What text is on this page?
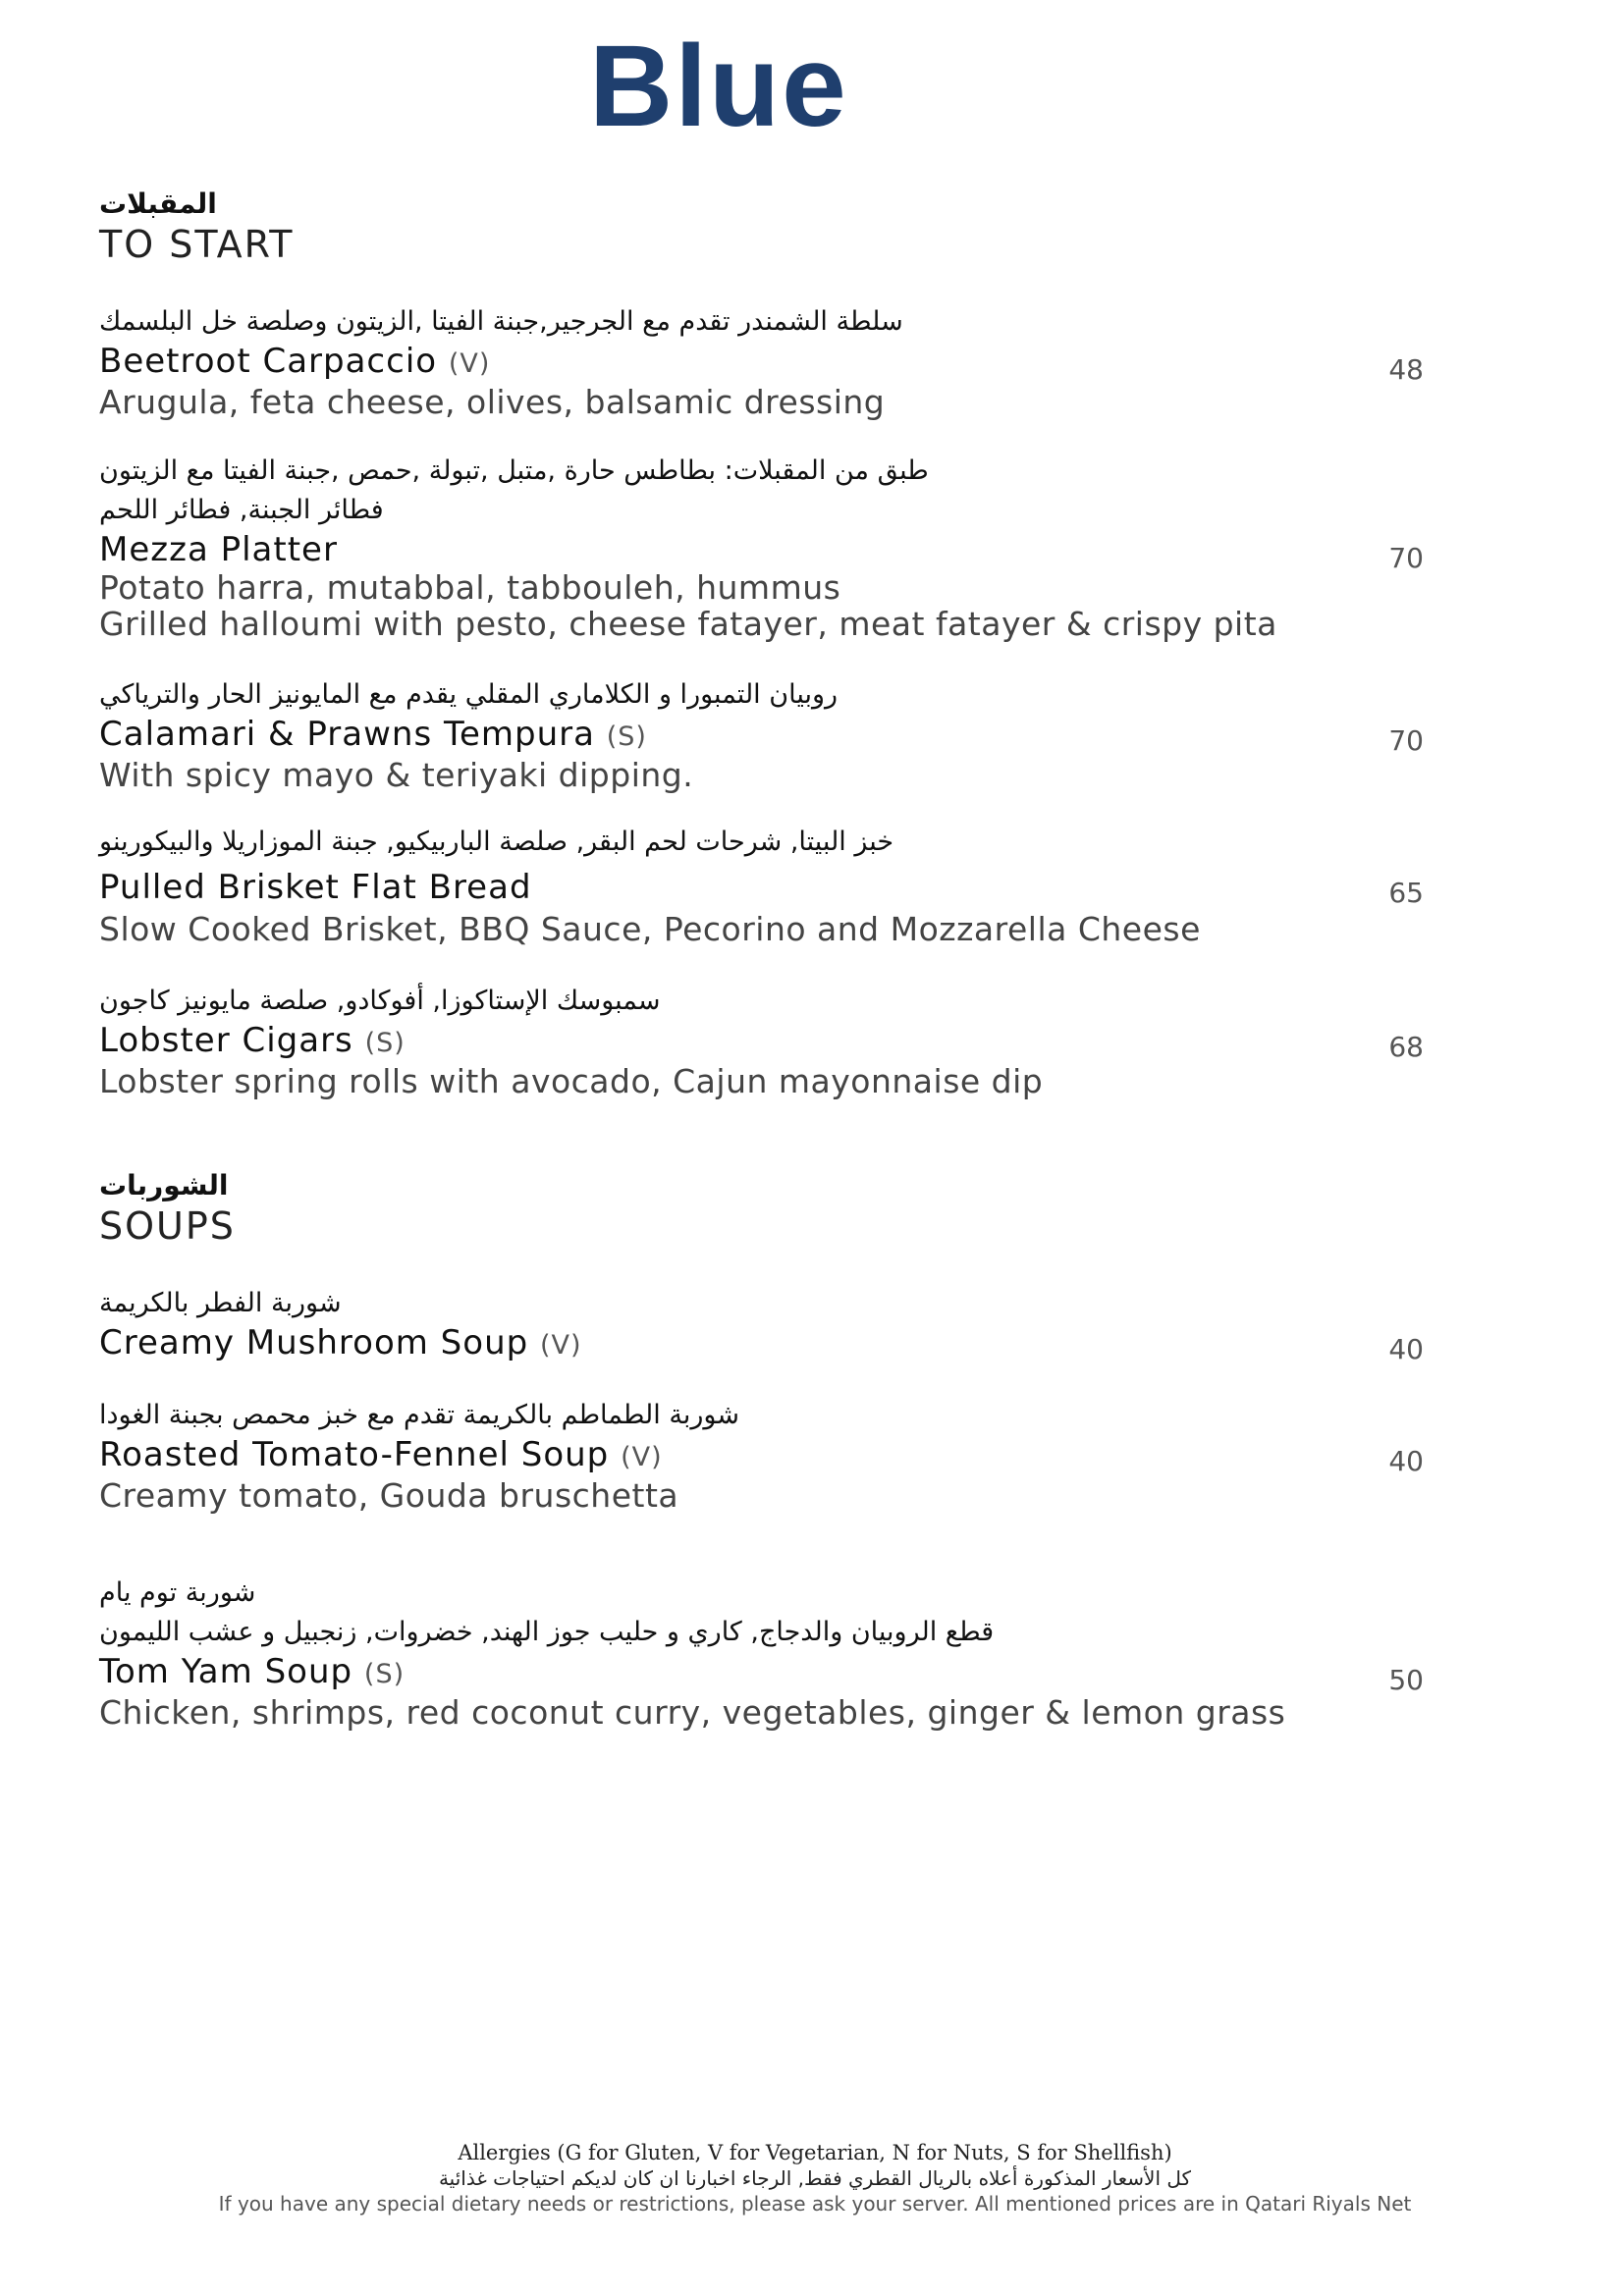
Blue
المقبلات
TO START
سلطة الشمندر تقدم مع الجرجير,جبنة الفيتا ,الزيتون وصلصة خل البلسمك
Beetroot Carpaccio (V)
Arugula, feta cheese, olives, balsamic dressing
48
طبق من المقبلات: بطاطس حارة ,متبل ,تبولة ,حمص ,جبنة الفيتا مع الزيتون
فطائر الجبنة, فطائر اللحم
Mezza Platter
Potato harra, mutabbal, tabbouleh, hummus
Grilled halloumi with pesto, cheese fatayer, meat fatayer & crispy pita
70
روبيان التمبورا و الكلاماري المقلي يقدم مع المايونيز الحار والترياكي
Calamari & Prawns Tempura (S)
With spicy mayo & teriyaki dipping.
70
خبز البيتا, شرحات لحم البقر, صلصة الباربيكيو, جبنة الموزاريلا والبيكورينو
Pulled Brisket Flat Bread
Slow Cooked Brisket, BBQ Sauce, Pecorino and Mozzarella Cheese
65
سمبوسك الإستاكوزا, أفوكادو, صلصة مايونيز كاجون
Lobster Cigars (S)
Lobster spring rolls with avocado, Cajun mayonnaise dip
68
الشوربات
SOUPS
شوربة الفطر بالكريمة
Creamy Mushroom Soup (V)	40
شوربة الطماطم بالكريمة تقدم مع خبز محمص بجبنة الغودا
Roasted Tomato-Fennel Soup (V)
Creamy tomato, Gouda bruschetta
40
شوربة توم يام
قطع الروبيان والدجاج, كاري و حليب جوز الهند, خضروات, زنجبيل و عشب الليمون
Tom Yam Soup (S)
Chicken, shrimps, red coconut curry, vegetables, ginger & lemon grass
50
Allergies (G for Gluten, V for Vegetarian, N for Nuts, S for Shellfish)
كل الأسعار المذكورة أعلاه بالريال القطري فقط, الرجاء اخبارنا ان كان لديكم احتياجات غذائية
If you have any special dietary needs or restrictions, please ask your server. All mentioned prices are in Qatari Riyals Net
